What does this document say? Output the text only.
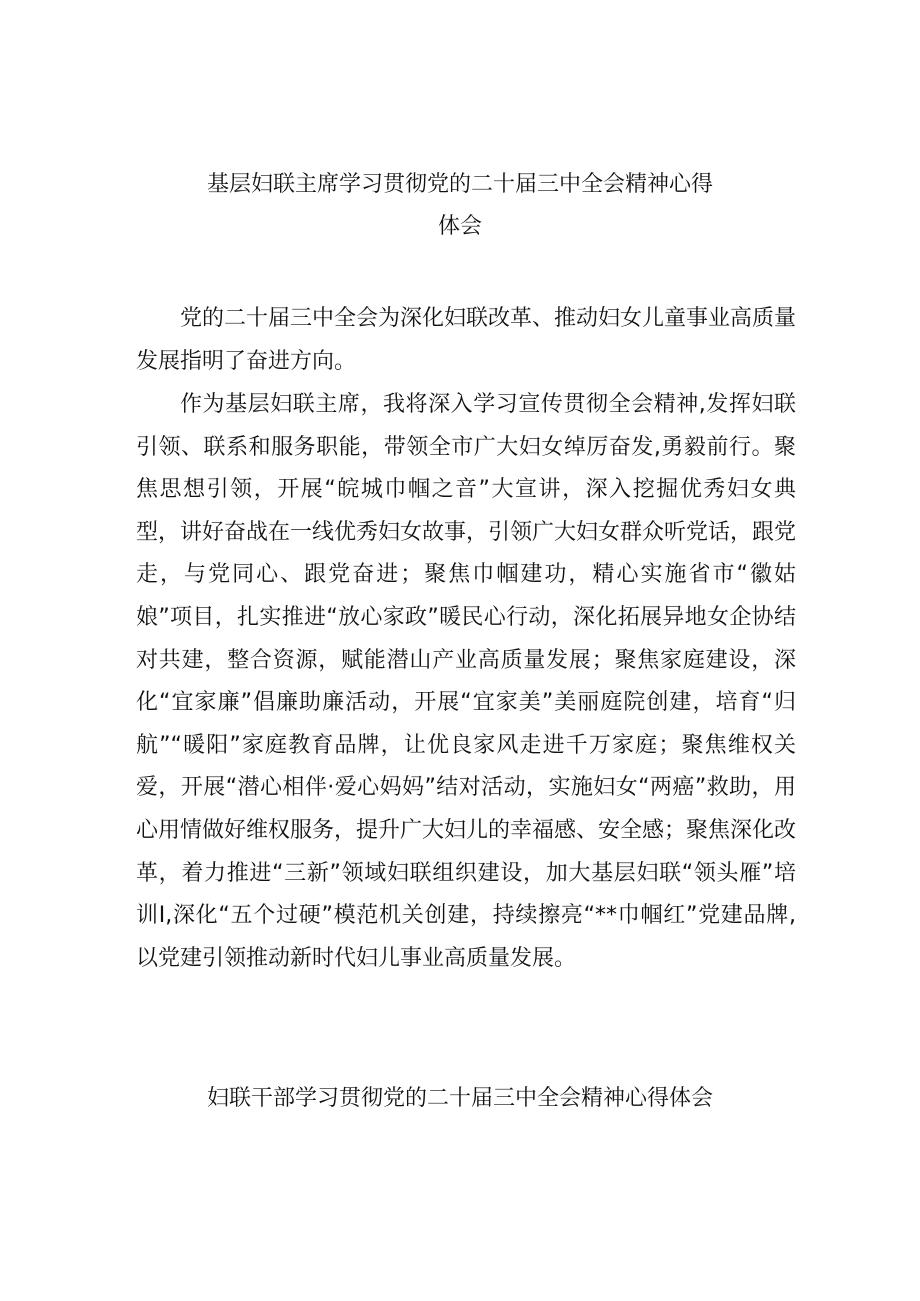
基层妇联主席学习贯彻党的二十届三中全会精神心得
体会

党的二十届三中全会为深化妇联改革、推动妇女儿童事业高质量发展指明了奋进方向。

作为基层妇联主席，我将深入学习宣传贯彻全会精神,发挥妇联引领、联系和服务职能，带领全市广大妇女绰厉奋发,勇毅前行。聚焦思想引领，开展“皖城巾帼之音”大宣讲，深入挖掘优秀妇女典型，讲好奋战在一线优秀妇女故事，引领广大妇女群众听党话，跟党走，与党同心、跟党奋进；聚焦巾帼建功，精心实施省市“徽姑娘”项目，扎实推进“放心家政”暖民心行动，深化拓展异地女企协结对共建，整合资源，赋能潜山产业高质量发展；聚焦家庭建设，深化“宜家廉”倡廉助廉活动，开展“宜家美”美丽庭院创建，培育“归航”“暖阳”家庭教育品牌，让优良家风走进千万家庭；聚焦维权关爱，开展“潜心相伴·爱心妈妈”结对活动，实施妇女“两癌”救助，用心用情做好维权服务，提升广大妇儿的幸福感、安全感；聚焦深化改革，着力推进“三新”领域妇联组织建设，加大基层妇联“领头雁”培训I,深化“五个过硬”模范机关创建，持续擦亮“**巾帼红”党建品牌,以党建引领推动新时代妇儿事业高质量发展。

妇联干部学习贯彻党的二十届三中全会精神心得体会
